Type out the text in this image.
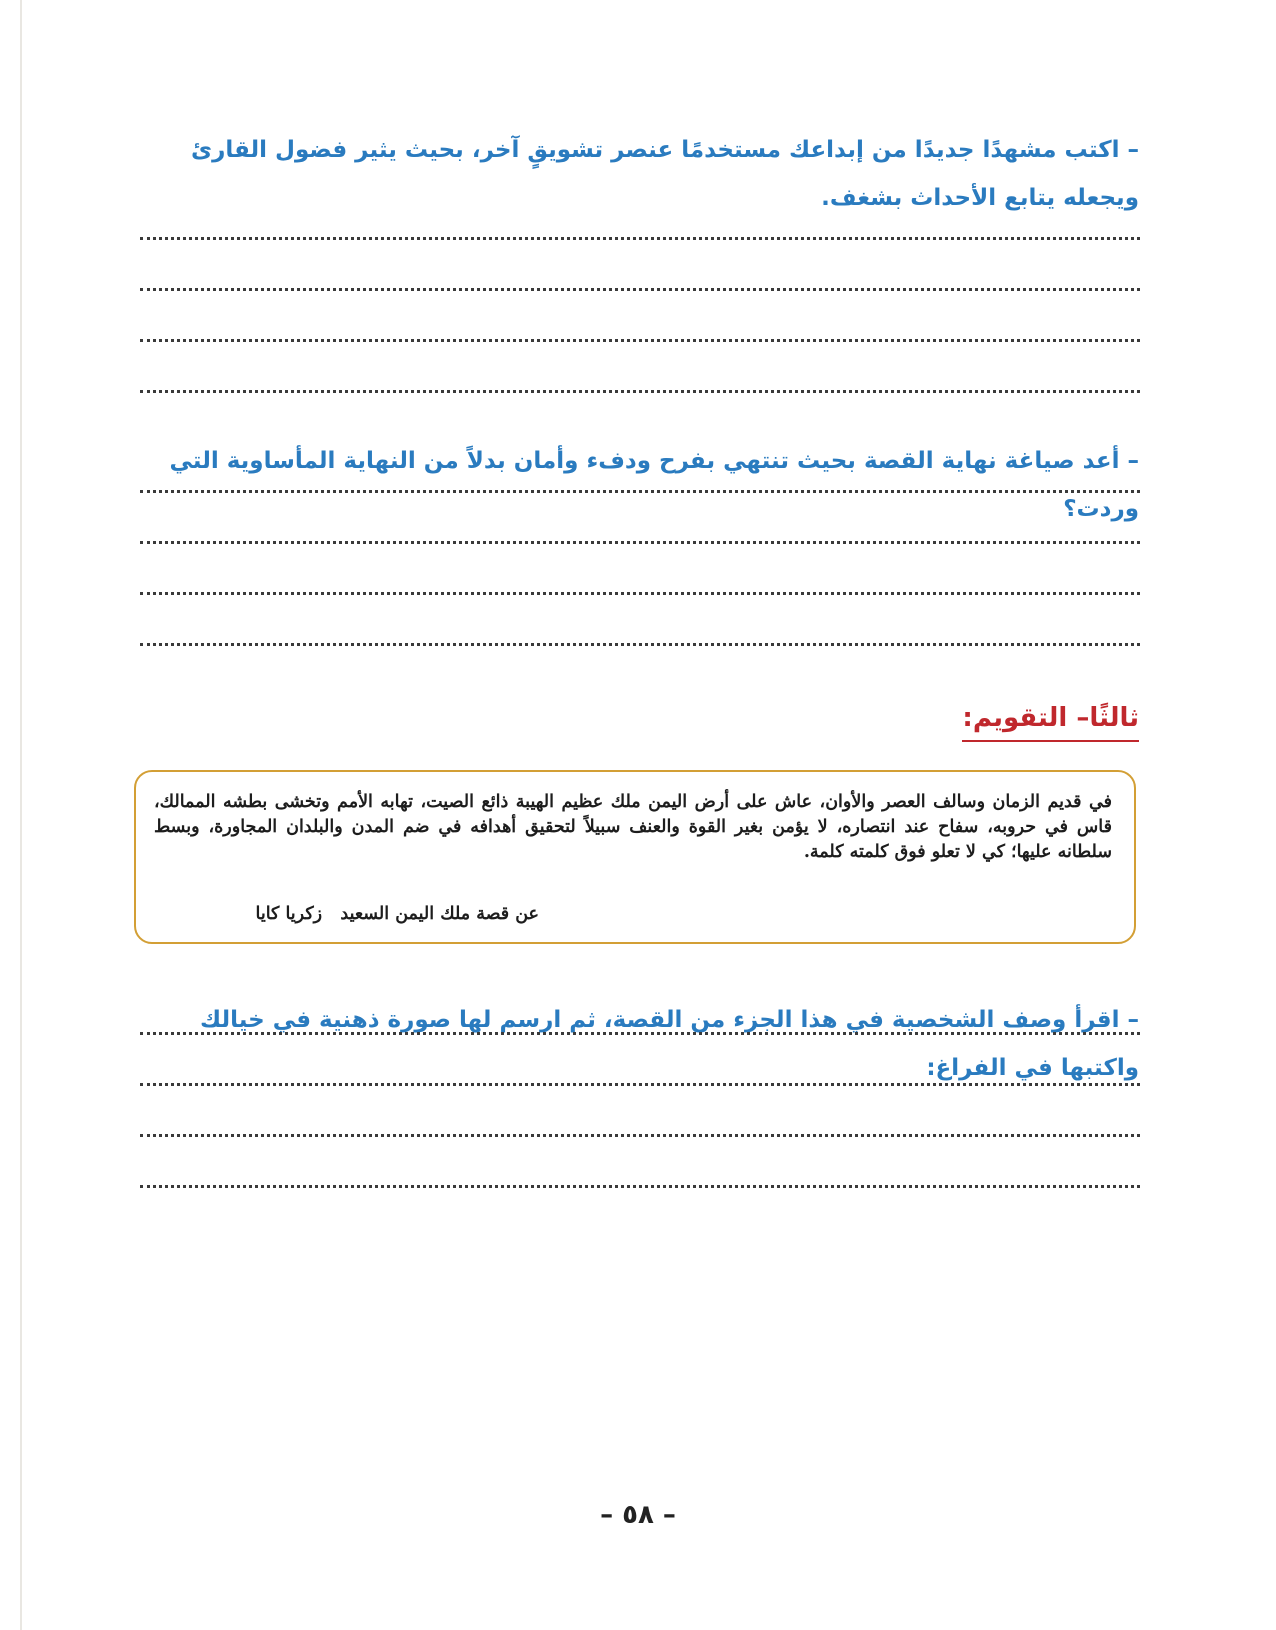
– اكتب مشهدًا جديدًا من إبداعك مستخدمًا عنصر تشويقٍ آخر، بحيث يثير فضول القارئ ويجعله يتابع الأحداث بشغف.
– أعد صياغة نهاية القصة بحيث تنتهي بفرح ودفء وأمان بدلاً من النهاية المأساوية التي وردت؟
ثالثًا– التقويم:
في قديم الزمان وسالف العصر والأوان، عاش على أرض اليمن ملك عظيم الهيبة ذائع الصيت، تهابه الأمم وتخشى بطشه الممالك، قاس في حروبه، سفاح عند انتصاره، لا يؤمن بغير القوة والعنف سبيلاً لتحقيق أهدافه في ضم المدن والبلدان المجاورة، وبسط سلطانه عليها؛ كي لا تعلو فوق كلمته كلمة.
عن قصة ملك اليمن السعيد   زكريا كايا
– اقرأ وصف الشخصية في هذا الجزء من القصة، ثم ارسم لها صورة ذهنية في خيالك واكتبها في الفراغ:
– ٥٨ –
